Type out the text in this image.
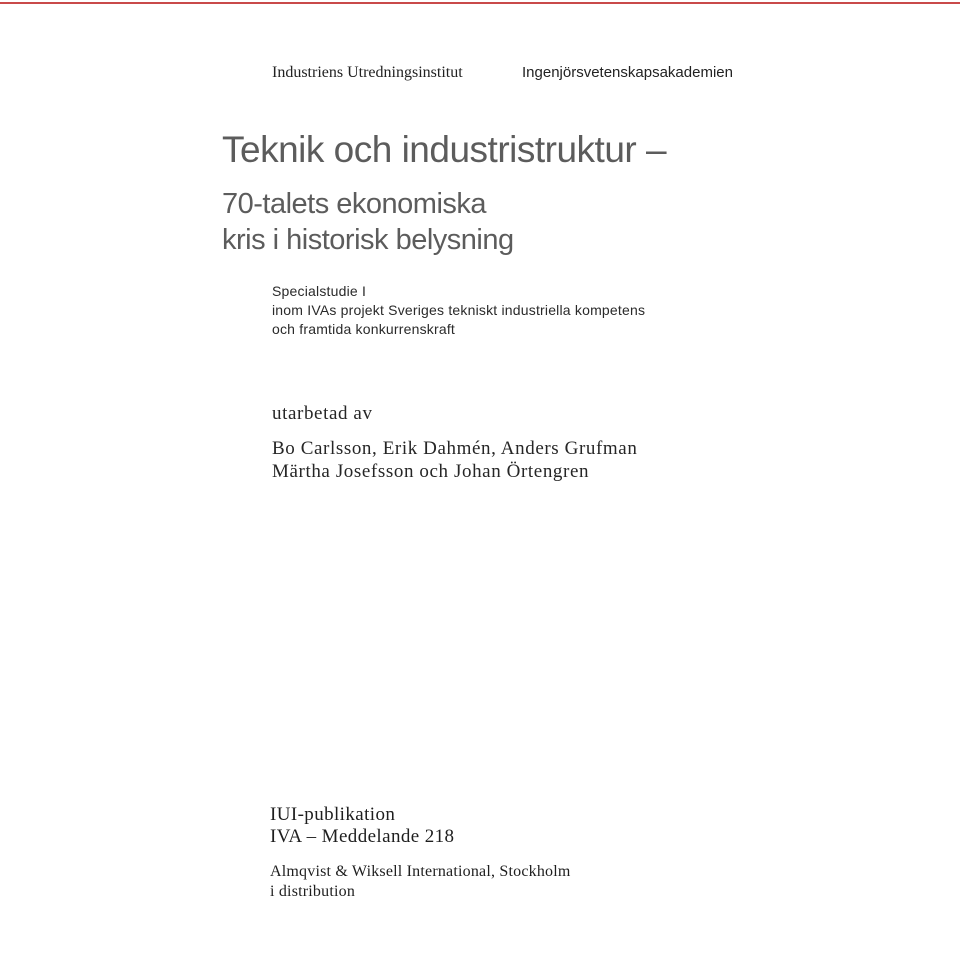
Industriens Utredningsinstitut	Ingenjörsvetenskapsakademien
Teknik och industristruktur –
70-talets ekonomiska
kris i historisk belysning
Specialstudie I
inom IVAs projekt Sveriges tekniskt industriella kompetens
och framtida konkurrenskraft
utarbetad av
Bo Carlsson, Erik Dahmén, Anders Grufman
Märtha Josefsson och Johan Örtengren
IUI-publikation
IVA – Meddelande 218
Almqvist & Wiksell International, Stockholm
i distribution
